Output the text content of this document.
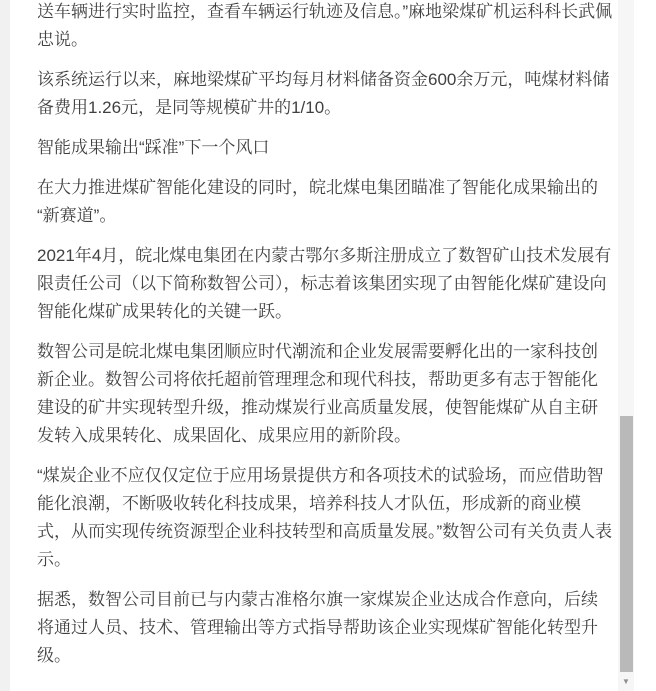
送车辆进行实时监控，查看车辆运行轨迹及信息。”麻地梁煤矿机运科科长武佩忠说。

该系统运行以来，麻地梁煤矿平均每月材料储备资金600余万元，吨煤材料储备费用1.26元，是同等规模矿井的1/10。

智能成果输出“踩准”下一个风口

在大力推进煤矿智能化建设的同时，皖北煤电集团瞄准了智能化成果输出的“新赛道”。

2021年4月，皖北煤电集团在内蒙古鄂尔多斯注册成立了数智矿山技术发展有限责任公司（以下简称数智公司），标志着该集团实现了由智能化煤矿建设向智能化煤矿成果转化的关键一跃。

数智公司是皖北煤电集团顺应时代潮流和企业发展需要孵化出的一家科技创新企业。数智公司将依托超前管理理念和现代科技，帮助更多有志于智能化建设的矿井实现转型升级，推动煤炭行业高质量发展，使智能煤矿从自主研发转入成果转化、成果固化、成果应用的新阶段。

“煤炭企业不应仅仅定位于应用场景提供方和各项技术的试验场，而应借助智能化浪潮，不断吸收转化科技成果，培养科技人才队伍，形成新的商业模式，从而实现传统资源型企业科技转型和高质量发展。”数智公司有关负责人表示。

据悉，数智公司目前已与内蒙古准格尔旗一家煤炭企业达成合作意向，后续将通过人员、技术、管理输出等方式指导帮助该企业实现煤矿智能化转型升级。

▼
